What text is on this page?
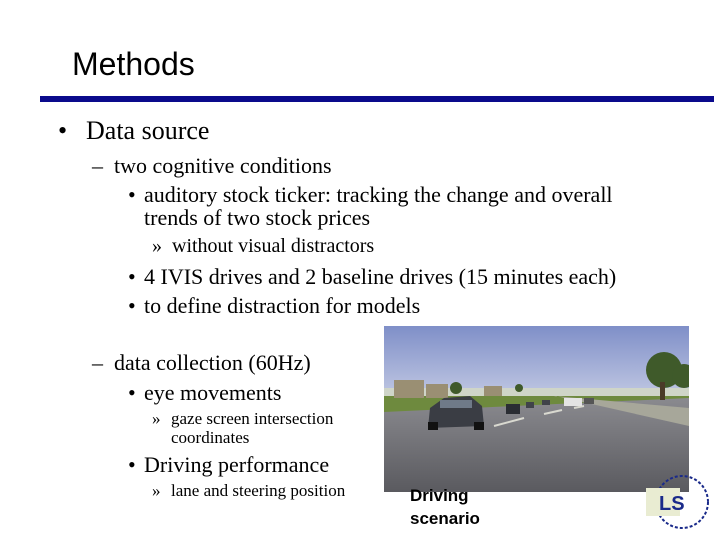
Methods
• Data source
– two cognitive conditions
• auditory stock ticker: tracking the change and overall
trends of two stock prices
» without visual distractors
• 4 IVIS drives and 2 baseline drives (15 minutes each)
• to define distraction for models
– data collection (60Hz)
• eye movements
» gaze screen intersection
coordinates
• Driving performance
» lane and steering position	Driving
scenario
LS
